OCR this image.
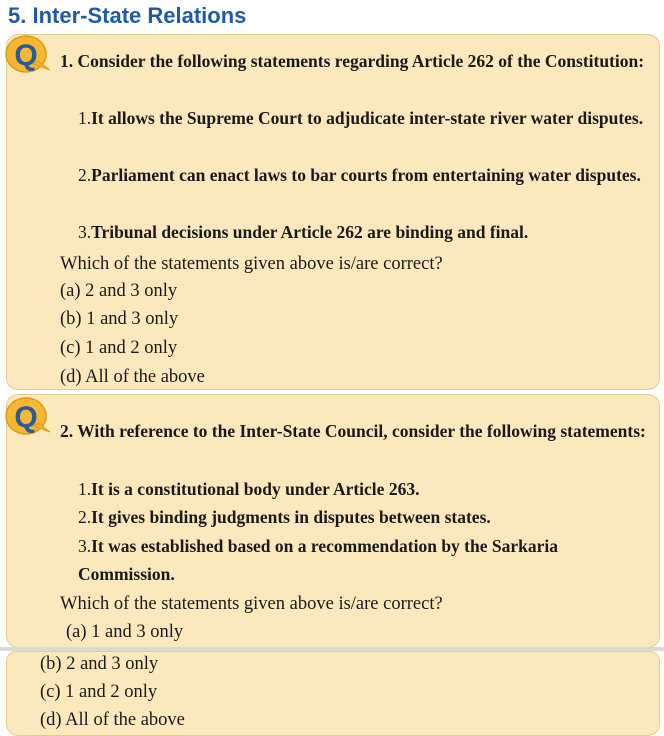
5. Inter-State Relations
Q 1. Consider the following statements regarding Article 262 of the Constitution:

1.It allows the Supreme Court to adjudicate inter-state river water disputes.
2.Parliament can enact laws to bar courts from entertaining water disputes.
3.Tribunal decisions under Article 262 are binding and final.
Which of the statements given above is/are correct?
(a) 2 and 3 only
(b) 1 and 3 only
(c) 1 and 2 only
(d) All of the above
Q 2. With reference to the Inter-State Council, consider the following statements:

1.It is a constitutional body under Article 263.
2.It gives binding judgments in disputes between states.
3.It was established based on a recommendation by the Sarkaria Commission.
Which of the statements given above is/are correct?
(a) 1 and 3 only
(b) 2 and 3 only
(c) 1 and 2 only
(d) All of the above
